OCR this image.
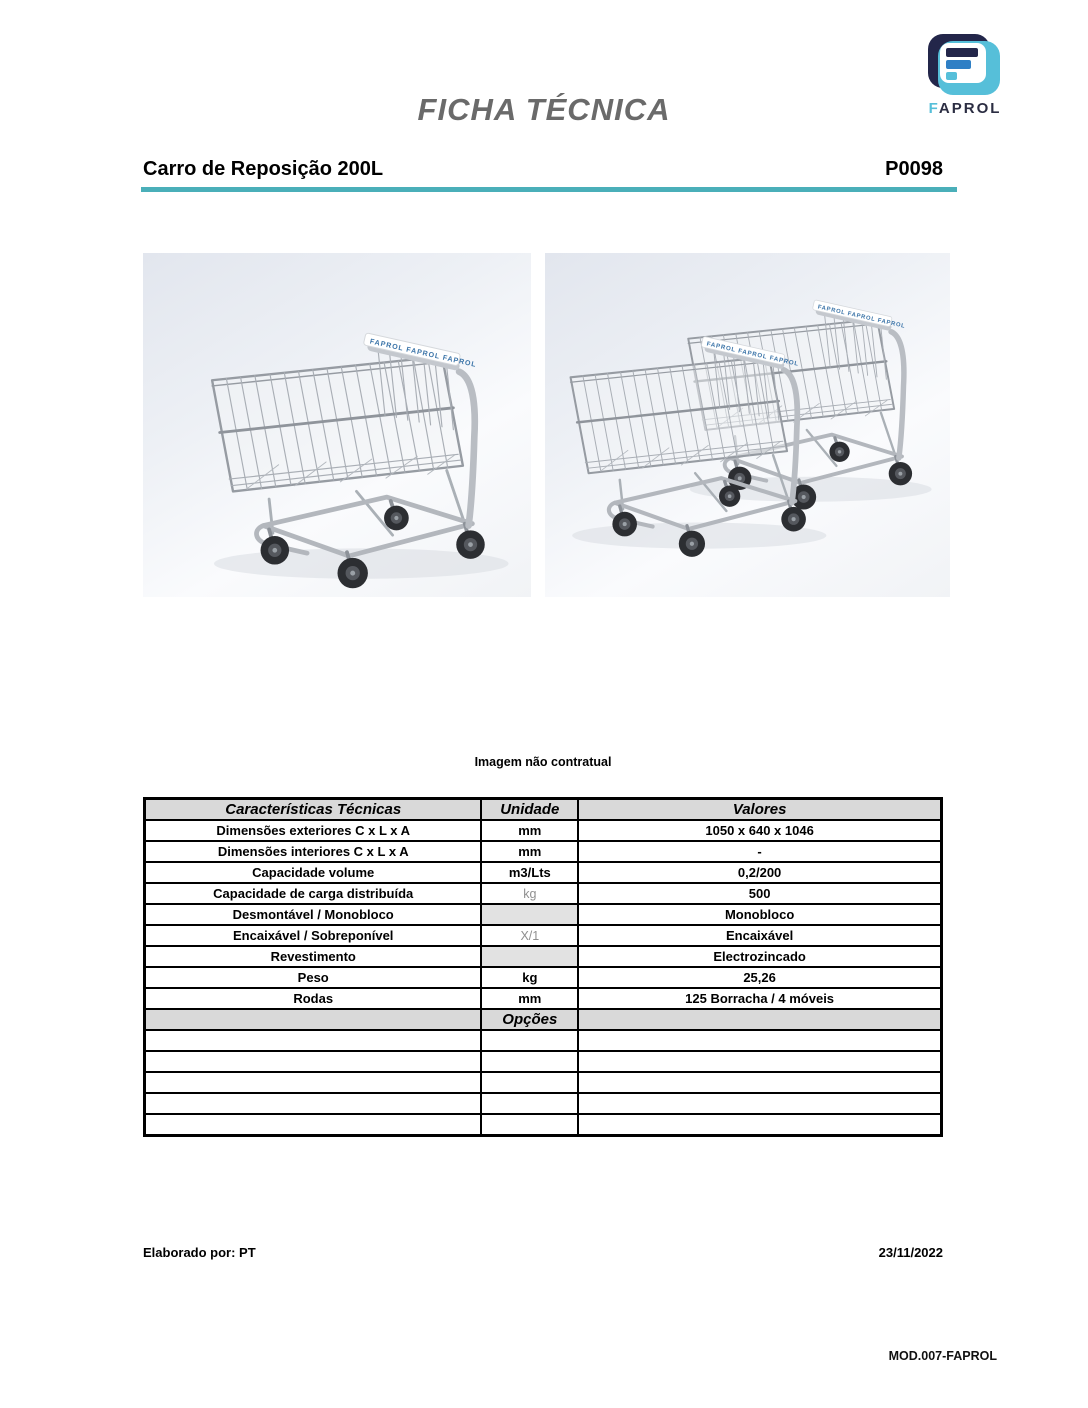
FICHA TÉCNICA	FAPROL
Carro de Reposição 200L	P0098
Imagem não contratual
Características Técnicas	Unidade	Valores
Dimensões exteriores C x L x A	mm	1050 x 640 x 1046
Dimensões interiores C x L x A	mm	-
Capacidade volume	m3/Lts	0,2/200
Capacidade de carga distribuída	kg	500
Desmontável / Monobloco		Monobloco
Encaixável / Sobreponível	X/1	Encaixável
Revestimento		Electrozincado
Peso	kg	25,26
Rodas	mm	125 Borracha / 4 móveis
	Opções	

Elaborado por: PT	23/11/2022
MOD.007-FAPROL
